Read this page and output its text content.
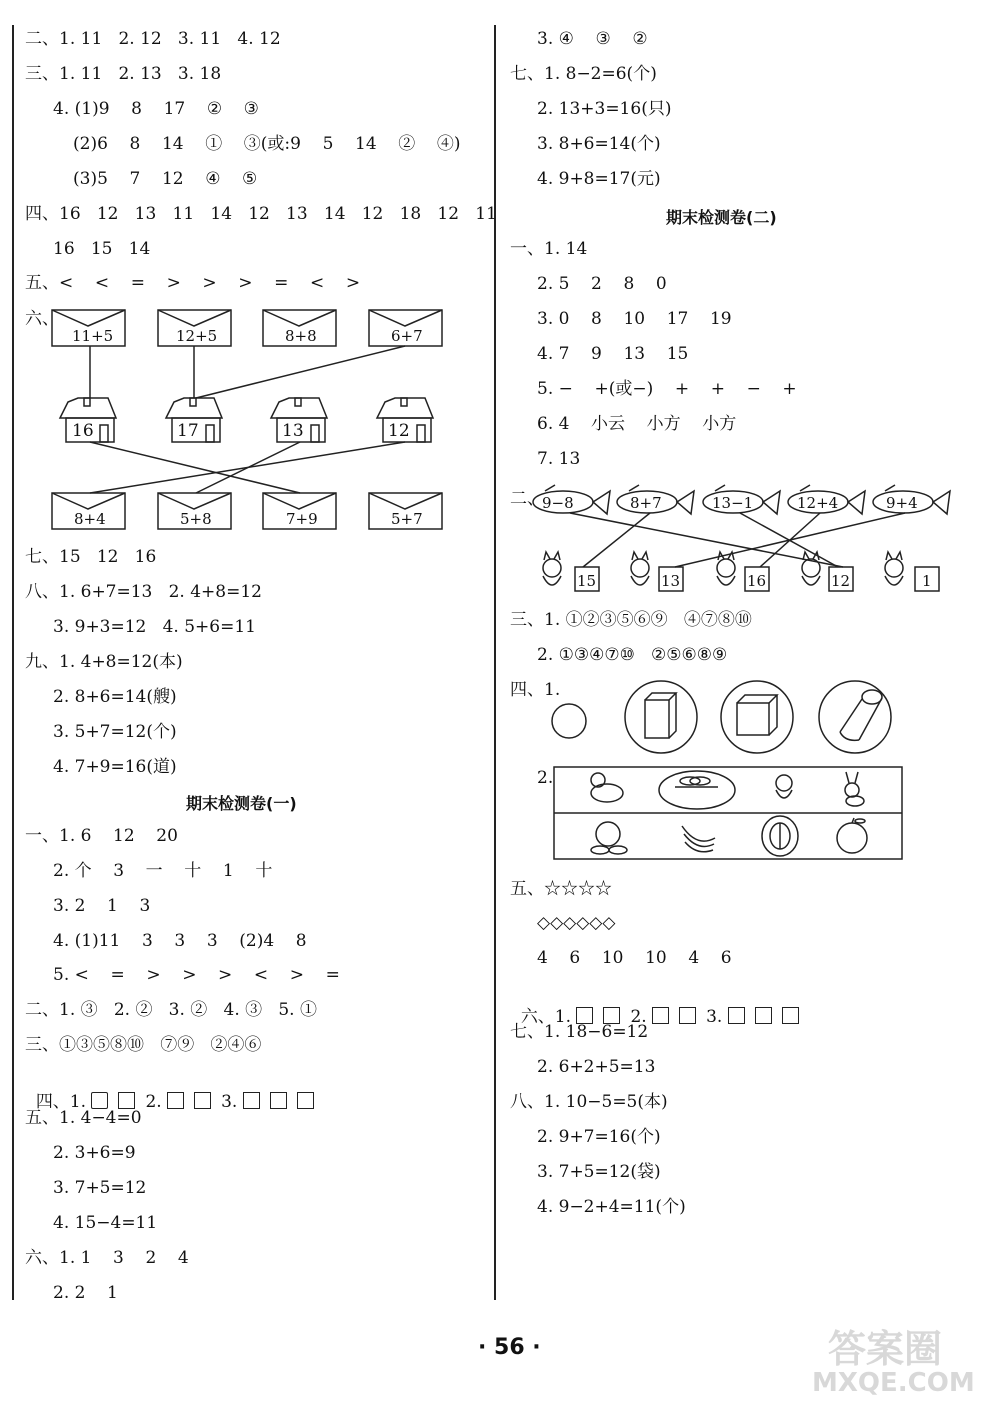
二、1. 11   2. 12   3. 11   4. 12
三、1. 11   2. 13   3. 18
4. (1)9    8    17    ②    ③
(2)6    8    14    ①    ③(或:9    5    14    ②    ④)
(3)5    7    12    ④    ⑤
四、16   12   13   11   14   12   13   14   12   18   12   11
16   15   14
五、<    <    =    >    >    >    =    <    >
六、
11+5	12+5	8+8	6+7
16	17	13	12
8+4	5+8	7+9	5+7
七、15   12   16
八、1. 6+7=13   2. 4+8=12
3. 9+3=12   4. 5+6=11
九、1. 4+8=12(本)
2. 8+6=14(艘)
3. 5+7=12(个)
4. 7+9=16(道)
期末检测卷(一)
一、1. 6    12    20
2. 个    3    一    十    1    十
3. 2    1    3
4. (1)11    3    3    3    (2)4    8
5. <    =    >    >    >    <    >    =
二、1. ③   2. ②   3. ②   4. ③   5. ①
三、①③⑤⑧⑩   ⑦⑨   ②④⑥

四、1.	2.	3.

五、1. 4−4=0
2. 3+6=9
3. 7+5=12
4. 15−4=11
六、1. 1    3    2    4
2. 2    1
3. ④    ③    ②
七、1. 8−2=6(个)
2. 13+3=16(只)
3. 8+6=14(个)
4. 9+8=17(元)
期末检测卷(二)
一、1. 14
2. 5    2    8    0
3. 0    8    10    17    19
4. 7    9    13    15
5. −    +(或−)    +    +    −    +
6. 4    小云    小方    小方
7. 13
二、
9−8	8+7	13−1	12+4	9+4
15	13	16	12	1
三、1. ①②③⑤⑥⑨   ④⑦⑧⑩
2. ①③④⑦⑩   ②⑤⑥⑧⑨
四、1.
2.
五、☆☆☆☆
◇◇◇◇◇◇
4    6    10    10    4    6

六、1.	2.	3.

七、1. 18−6=12
2. 6+2+5=13
八、1. 10−5=5(本)
2. 9+7=16(个)
3. 7+5=12(袋)
4. 9−2+4=11(个)
· 56 ·	答案圈
MXQE.COM
